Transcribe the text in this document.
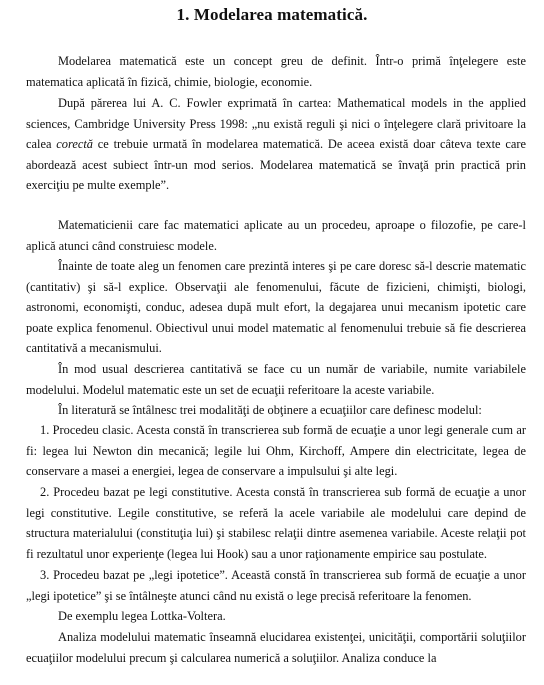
1. Modelarea matematică.

Modelarea matematică este un concept greu de definit. Într-o primă înţelegere este matematica aplicată în fizică, chimie, biologie, economie.

După părerea lui A. C. Fowler exprimată în cartea: Mathematical models in the applied sciences, Cambridge University Press 1998: „nu există reguli şi nici o înţelegere clară privitoare la calea corectă ce trebuie urmată în modelarea matematică. De aceea există doar câteva texte care abordează acest subiect într-un mod serios. Modelarea matematică se învaţă prin practică prin exerciţiu pe multe exemple”.

Matematicienii care fac matematici aplicate au un procedeu, aproape o filozofie, pe care-l aplică atunci când construiesc modele.

Înainte de toate aleg un fenomen care prezintă interes şi pe care doresc să-l descrie matematic (cantitativ) şi să-l explice. Observaţii ale fenomenului, făcute de fizicieni, chimişti, biologi, astronomi, economişti, conduc, adesea după mult efort, la degajarea unui mecanism ipotetic care poate explica fenomenul. Obiectivul unui model matematic al fenomenului trebuie să fie descrierea cantitativă a mecanismului.

În mod usual descrierea cantitativă se face cu un număr de variabile, numite variabilele modelului. Modelul matematic este un set de ecuaţii referitoare la aceste variabile.

În literatură se întâlnesc trei modalităţi de obţinere a ecuaţiilor care definesc modelul:

1. Procedeu clasic. Acesta constă în transcrierea sub formă de ecuaţie a unor legi generale cum ar fi: legea lui Newton din mecanică; legile lui Ohm, Kirchoff, Ampere din electricitate, legea de conservare a masei a energiei, legea de conservare a impulsului şi alte legi.

2. Procedeu bazat pe legi constitutive. Acesta constă în transcrierea sub formă de ecuaţie a unor legi constitutive. Legile constitutive, se referă la acele variabile ale modelului care depind de structura materialului (constituţia lui) şi stabilesc relaţii dintre asemenea variabile. Aceste relaţii pot fi rezultatul unor experienţe (legea lui Hook) sau a unor raţionamente empirice sau postulate.

3. Procedeu bazat pe „legi ipotetice”. Această constă în transcrierea sub formă de ecuaţie a unor „legi ipotetice” şi se întâlneşte atunci când nu există o lege precisă referitoare la fenomen.

De exemplu legea Lottka-Voltera.

Analiza modelului matematic înseamnă elucidarea existenţei, unicităţii, comportării soluţiilor ecuaţiilor modelului precum şi calcularea numerică a soluţiilor. Analiza conduce la
